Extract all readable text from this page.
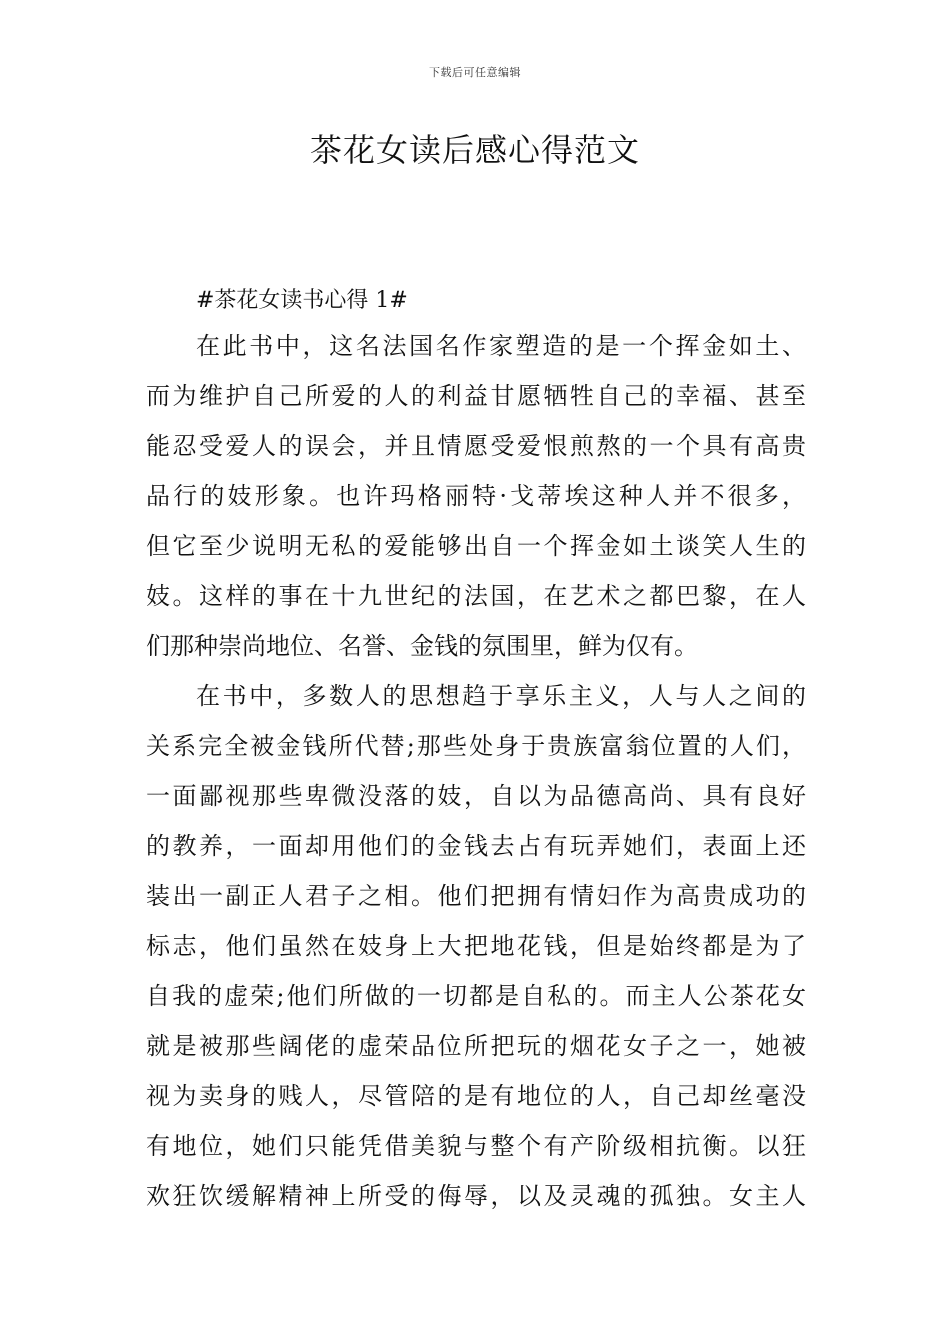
下载后可任意编辑
茶花女读后感心得范文

#茶花女读书心得 1#

在此书中，这名法国名作家塑造的是一个挥金如土、
而为维护自己所爱的人的利益甘愿牺牲自己的幸福、甚至
能忍受爱人的误会，并且情愿受爱恨煎熬的一个具有高贵
品行的妓形象。也许玛格丽特·戈蒂埃这种人并不很多，
但它至少说明无私的爱能够出自一个挥金如土谈笑人生的
妓。这样的事在十九世纪的法国，在艺术之都巴黎，在人
们那种崇尚地位、名誉、金钱的氛围里，鲜为仅有。

在书中，多数人的思想趋于享乐主义，人与人之间的
关系完全被金钱所代替;那些处身于贵族富翁位置的人们，
一面鄙视那些卑微没落的妓，自以为品德高尚、具有良好
的教养，一面却用他们的金钱去占有玩弄她们，表面上还
装出一副正人君子之相。他们把拥有情妇作为高贵成功的
标志，他们虽然在妓身上大把地花钱，但是始终都是为了
自我的虚荣;他们所做的一切都是自私的。而主人公茶花女
就是被那些阔佬的虚荣品位所把玩的烟花女子之一，她被
视为卖身的贱人，尽管陪的是有地位的人，自己却丝毫没
有地位，她们只能凭借美貌与整个有产阶级相抗衡。以狂
欢狂饮缓解精神上所受的侮辱，以及灵魂的孤独。女主人
